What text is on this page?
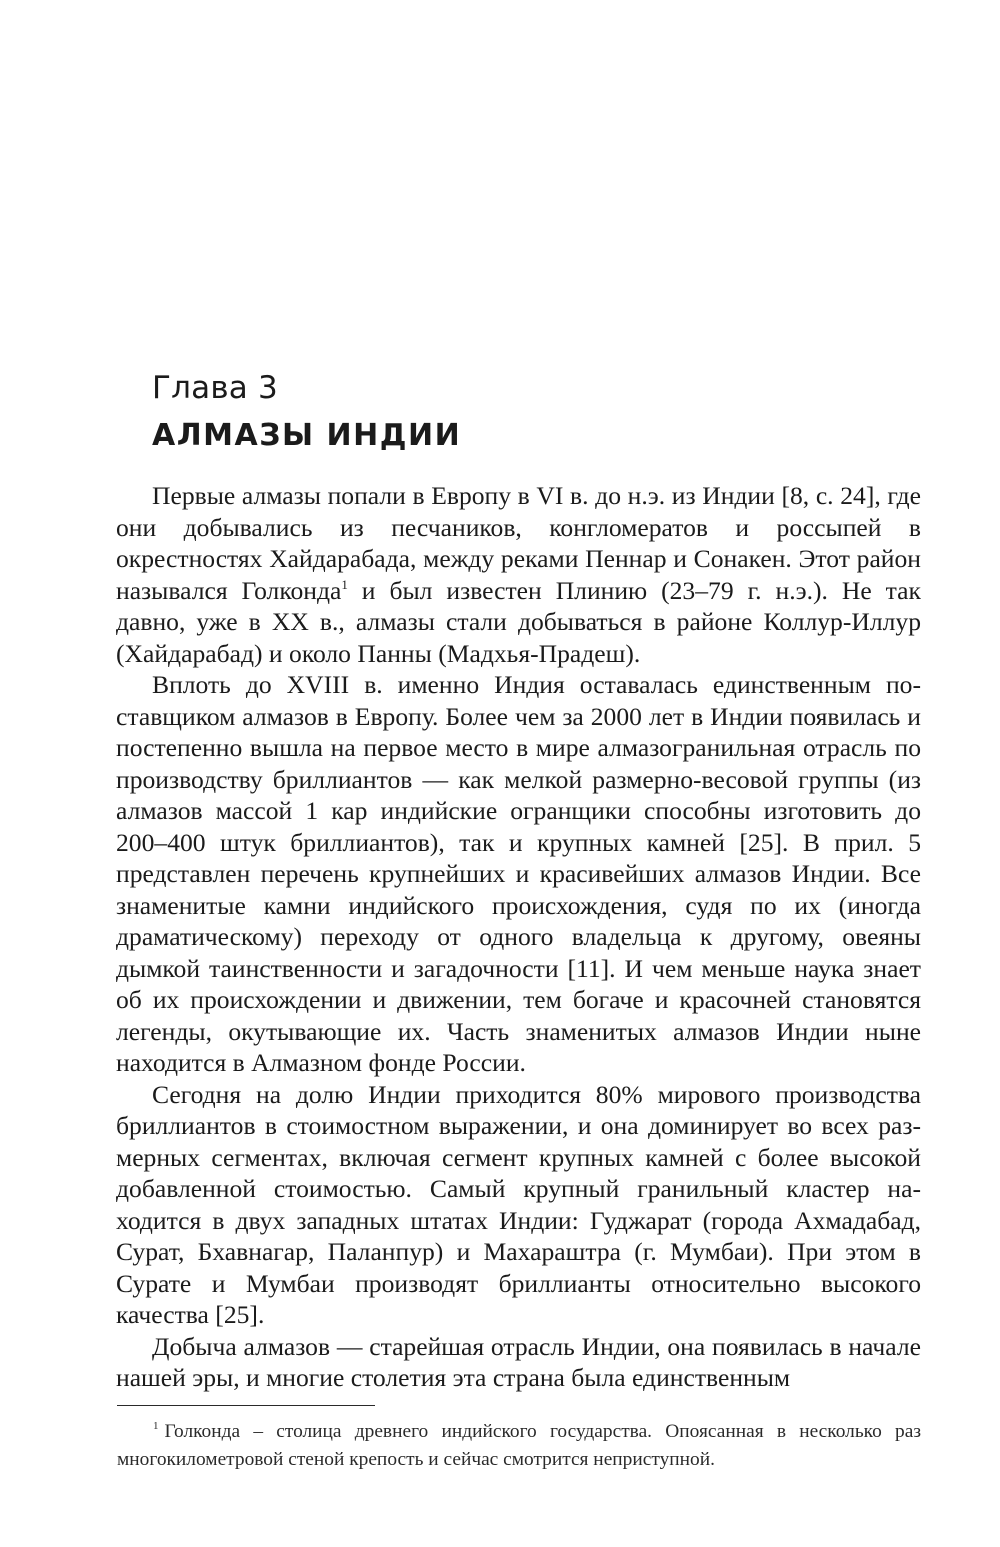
Глава 3
АЛМАЗЫ ИНДИИ

Первые алмазы попали в Европу в VI в. до н.э. из Индии [8, с. 24], где они добывались из песчаников, конгломератов и россыпей в окрестностях Хайдарабада, между реками Пеннар и Сонакен. Этот район назывался Голконда$^1$ и был известен Плинию (23–79 г. н.э.). Не так давно, уже в XX в., алмазы стали добываться в районе Коллур-Иллур (Хайдарабад) и около Панны (Мадхья-Прадеш).

Вплоть до XVIII в. именно Индия оставалась единственным поставщиком алмазов в Европу. Более чем за 2000 лет в Индии появилась и постепенно вышла на первое место в мире алмазогранильная отрасль по производству бриллиантов — как мелкой размерно-весовой группы (из алмазов массой 1 кар индийские огранщики способны изготовить до 200–400 штук бриллиантов), так и крупных камней [25]. В прил. 5 представлен перечень крупнейших и красивейших алмазов Индии. Все знаменитые камни индийского происхождения, судя по их (иногда драматическому) переходу от одного владельца к другому, овеяны дымкой таинственности и загадочности [11]. И чем меньше наука знает об их происхождении и движении, тем богаче и красочней становятся легенды, окутывающие их. Часть знаменитых алмазов Индии ныне находится в Алмазном фонде России.

Сегодня на долю Индии приходится 80% мирового производства бриллиантов в стоимостном выражении, и она доминирует во всех размерных сегментах, включая сегмент крупных камней с более высокой добавленной стоимостью. Самый крупный гранильный кластер находится в двух западных штатах Индии: Гуджарат (города Ахмадабад, Сурат, Бхавнагар, Паланпур) и Махараштра (г. Мумбаи). При этом в Сурате и Мумбаи производят бриллианты относительно высокого качества [25].

Добыча алмазов — старейшая отрасль Индии, она появилась в начале нашей эры, и многие столетия эта страна была единственным

$^1$ Голконда – столица древнего индийского государства. Опоясанная в несколько раз многокилометровой стеной крепость и сейчас смотрится неприступной.
